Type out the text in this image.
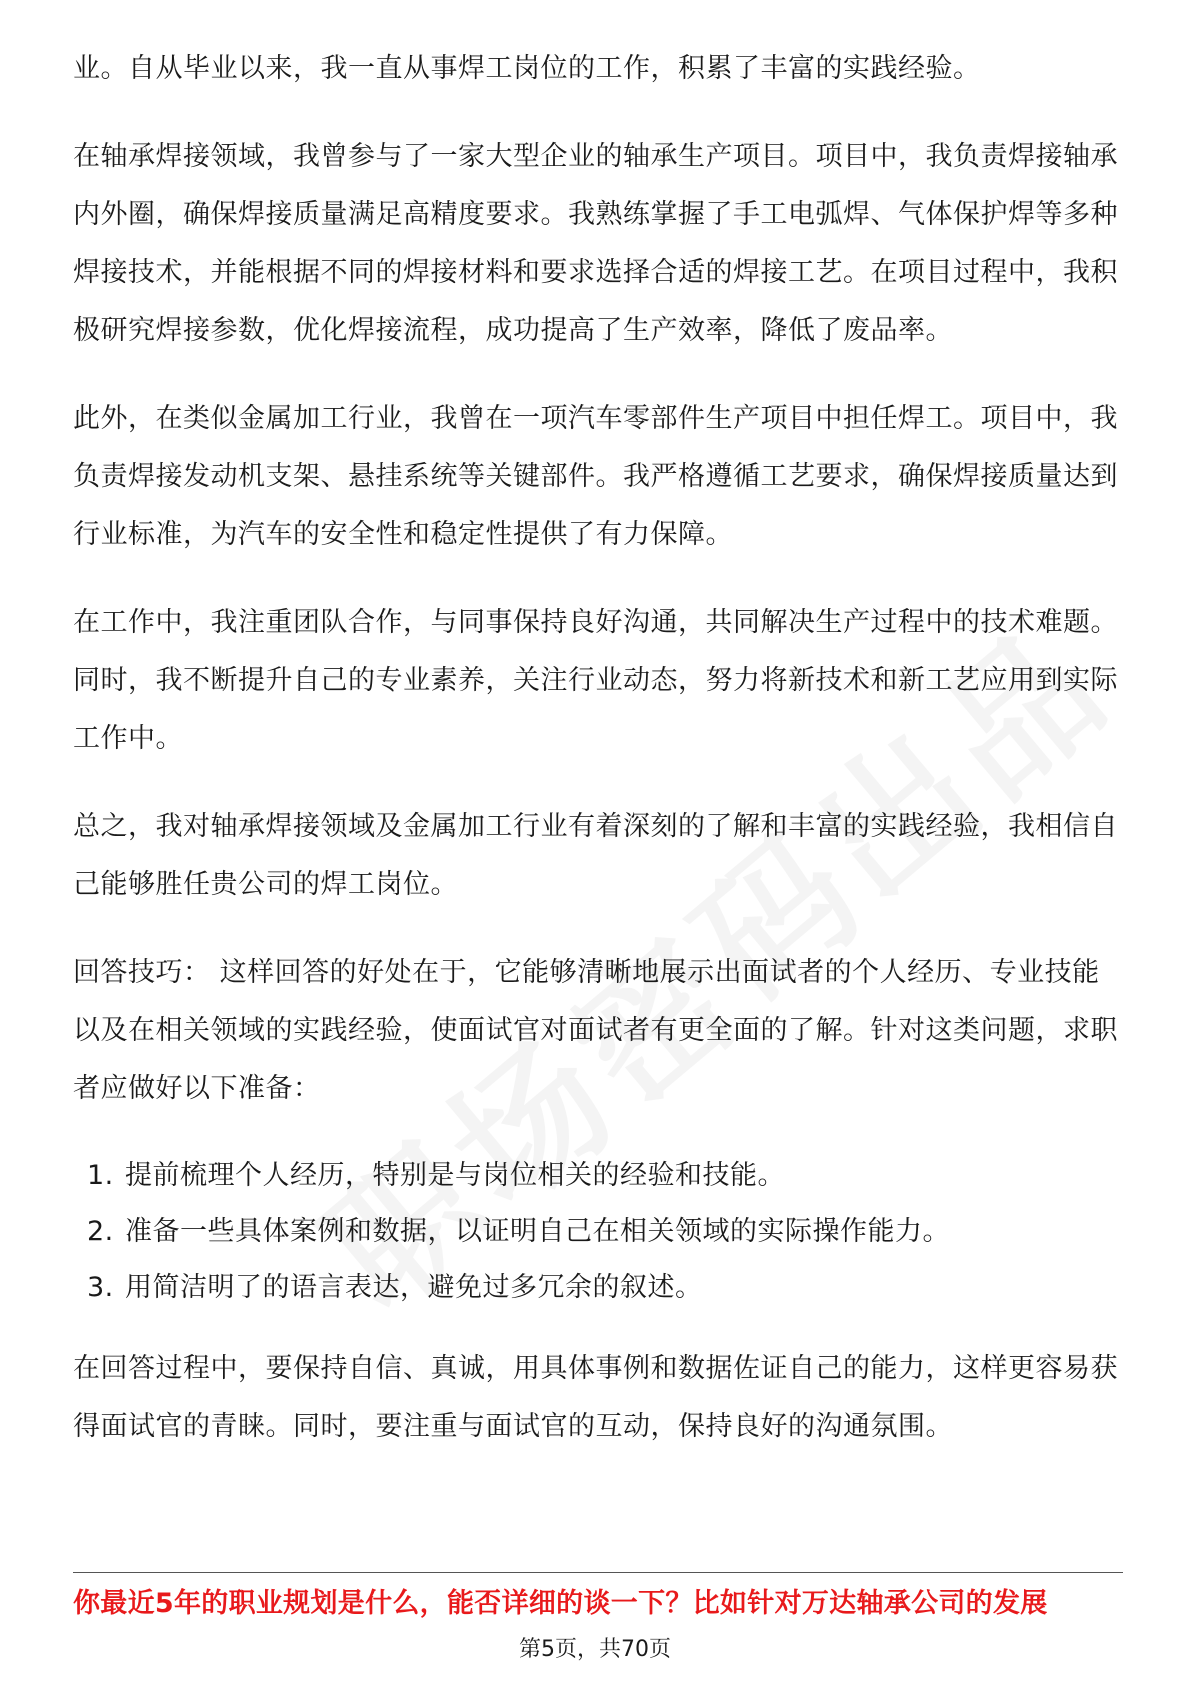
业。自从毕业以来，我一直从事焊工岗位的工作，积累了丰富的实践经验。

在轴承焊接领域，我曾参与了一家大型企业的轴承生产项目。项目中，我负责焊接轴承内外圈，确保焊接质量满足高精度要求。我熟练掌握了手工电弧焊、气体保护焊等多种焊接技术，并能根据不同的焊接材料和要求选择合适的焊接工艺。在项目过程中，我积极研究焊接参数，优化焊接流程，成功提高了生产效率，降低了废品率。

此外，在类似金属加工行业，我曾在一项汽车零部件生产项目中担任焊工。项目中，我负责焊接发动机支架、悬挂系统等关键部件。我严格遵循工艺要求，确保焊接质量达到行业标准，为汽车的安全性和稳定性提供了有力保障。

在工作中，我注重团队合作，与同事保持良好沟通，共同解决生产过程中的技术难题。同时，我不断提升自己的专业素养，关注行业动态，努力将新技术和新工艺应用到实际工作中。

总之，我对轴承焊接领域及金属加工行业有着深刻的了解和丰富的实践经验，我相信自己能够胜任贵公司的焊工岗位。

回答技巧： 这样回答的好处在于，它能够清晰地展示出面试者的个人经历、专业技能以及在相关领域的实践经验，使面试官对面试者有更全面的了解。针对这类问题，求职者应做好以下准备：

1. 提前梳理个人经历，特别是与岗位相关的经验和技能。
2. 准备一些具体案例和数据，以证明自己在相关领域的实际操作能力。
3. 用简洁明了的语言表达，避免过多冗余的叙述。

在回答过程中，要保持自信、真诚，用具体事例和数据佐证自己的能力，这样更容易获得面试官的青睐。同时，要注重与面试官的互动，保持良好的沟通氛围。

你最近5年的职业规划是什么，能否详细的谈一下？比如针对万达轴承公司的发展
第5页，共70页
